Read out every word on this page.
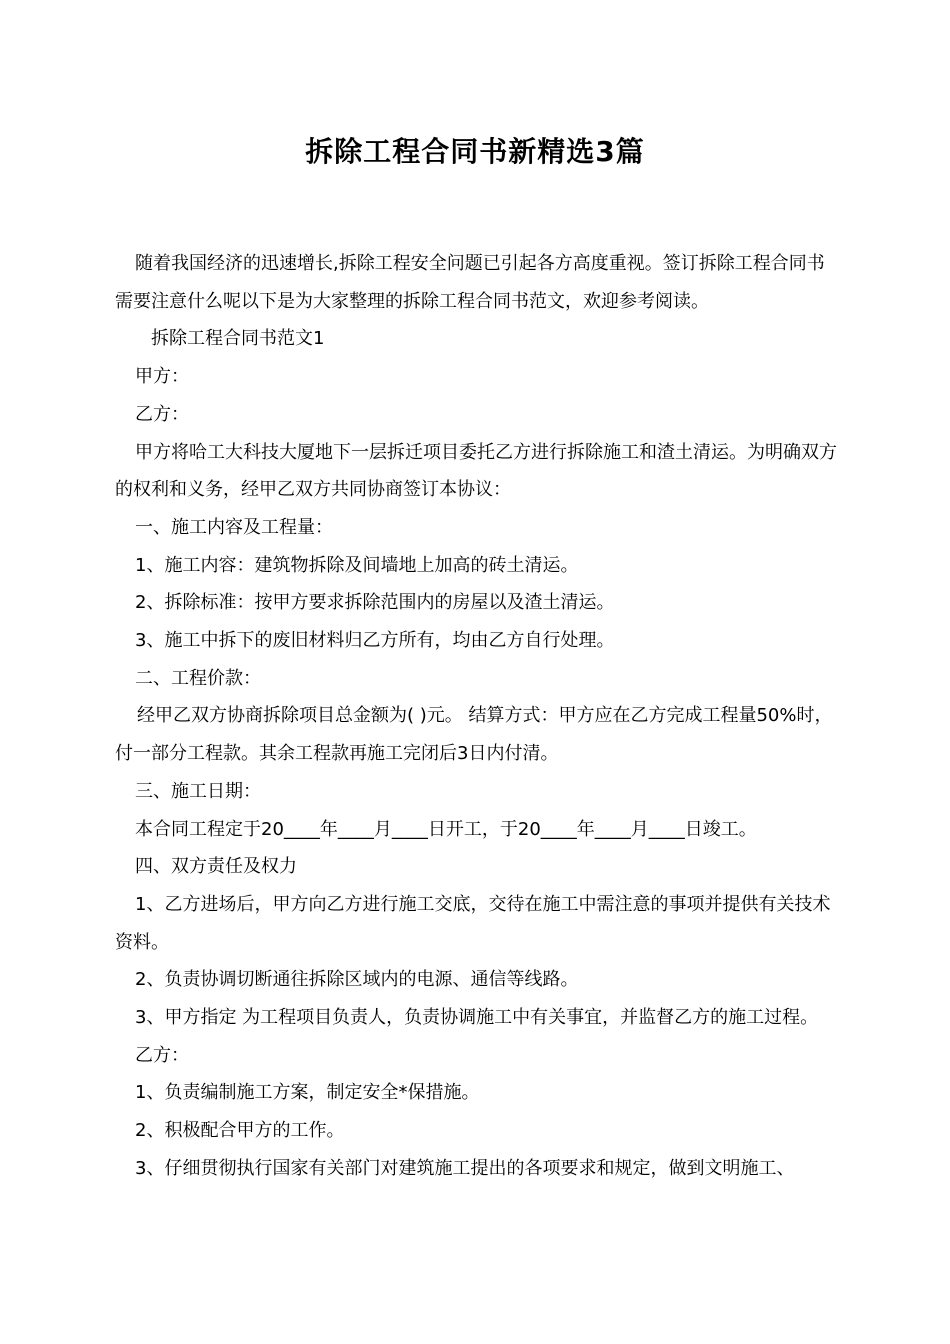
拆除工程合同书新精选3篇

随着我国经济的迅速增长,拆除工程安全问题已引起各方高度重视。签订拆除工程合同书需要注意什么呢以下是为大家整理的拆除工程合同书范文，欢迎参考阅读。

拆除工程合同书范文1

甲方：

乙方：

甲方将哈工大科技大厦地下一层拆迁项目委托乙方进行拆除施工和渣土清运。为明确双方的权利和义务，经甲乙双方共同协商签订本协议：

一、施工内容及工程量：

1、施工内容：建筑物拆除及间墙地上加高的砖土清运。

2、拆除标准：按甲方要求拆除范围内的房屋以及渣土清运。

3、施工中拆下的废旧材料归乙方所有，均由乙方自行处理。

二、工程价款：

经甲乙双方协商拆除项目总金额为( )元。 结算方式：甲方应在乙方完成工程量50%时，付一部分工程款。其余工程款再施工完闭后3日内付清。

三、施工日期：

本合同工程定于20____年____月____日开工，于20____年____月____日竣工。

四、双方责任及权力

1、乙方进场后，甲方向乙方进行施工交底，交待在施工中需注意的事项并提供有关技术资料。

2、负责协调切断通往拆除区域内的电源、通信等线路。

3、甲方指定 为工程项目负责人，负责协调施工中有关事宜，并监督乙方的施工过程。

乙方：

1、负责编制施工方案，制定安全*保措施。

2、积极配合甲方的工作。

3、仔细贯彻执行国家有关部门对建筑施工提出的各项要求和规定，做到文明施工、
